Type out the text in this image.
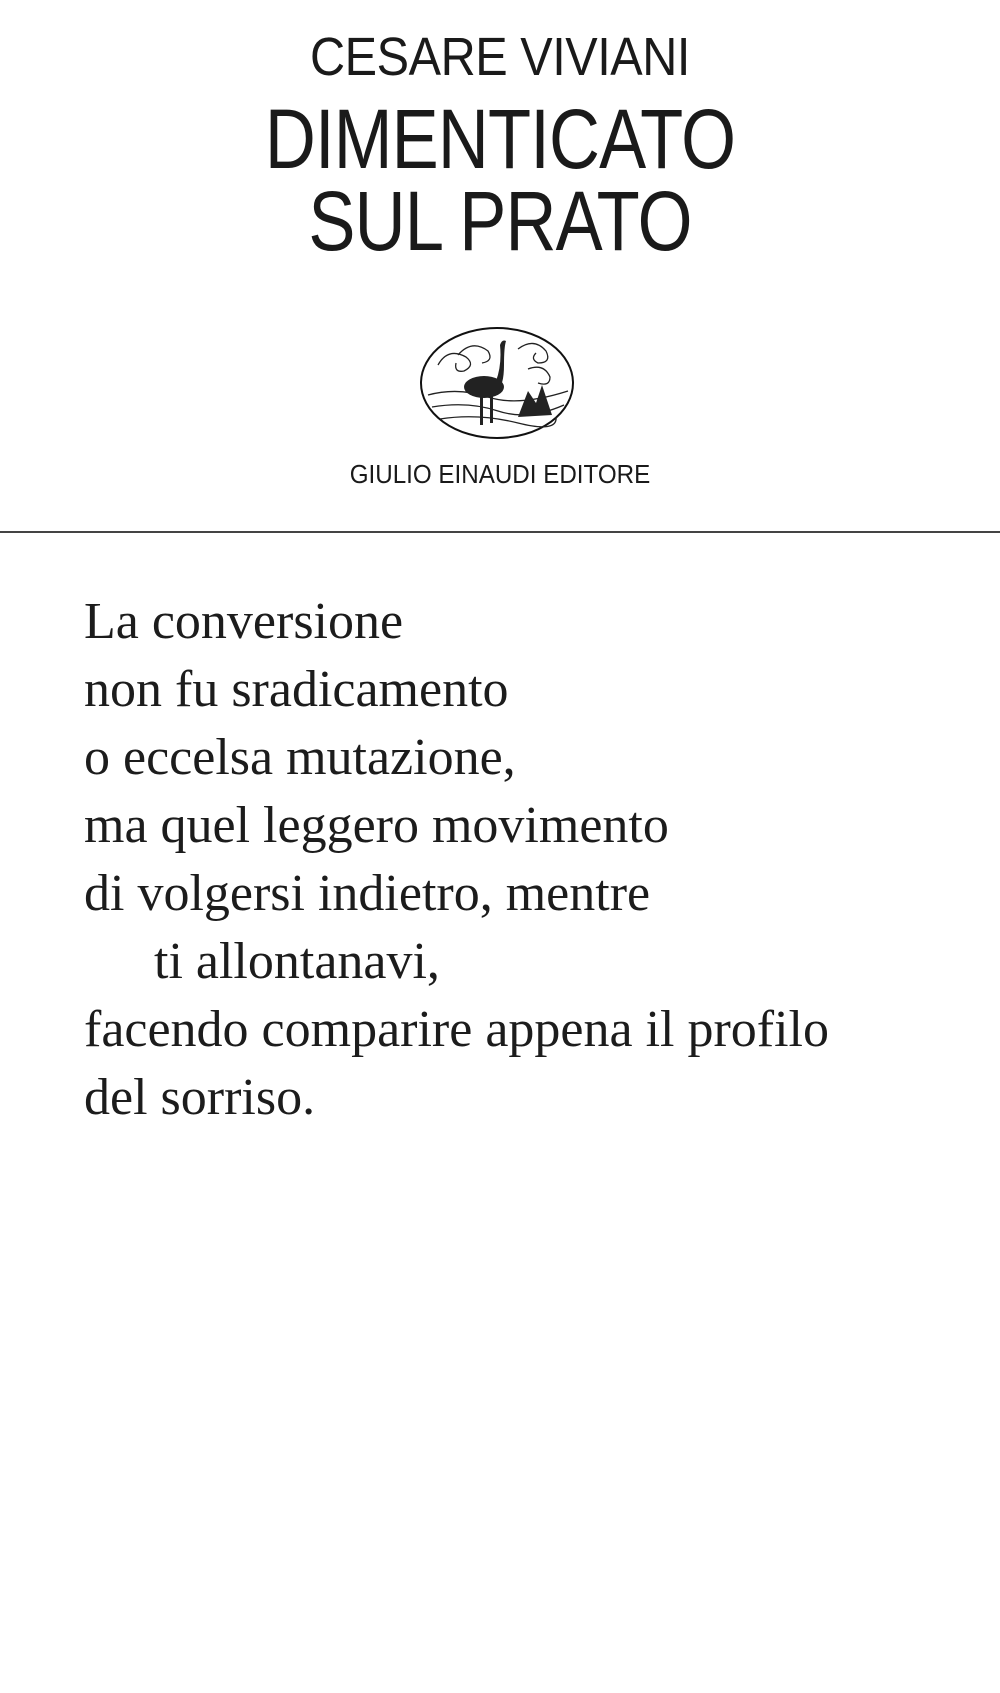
CESARE VIVIANI
DIMENTICATO
SUL PRATO
GIULIO EINAUDI EDITORE
La conversione
non fu sradicamento
o eccelsa mutazione,
ma quel leggero movimento
di volgersi indietro, mentre
ti allontanavi,
facendo comparire appena il profilo
del sorriso.
